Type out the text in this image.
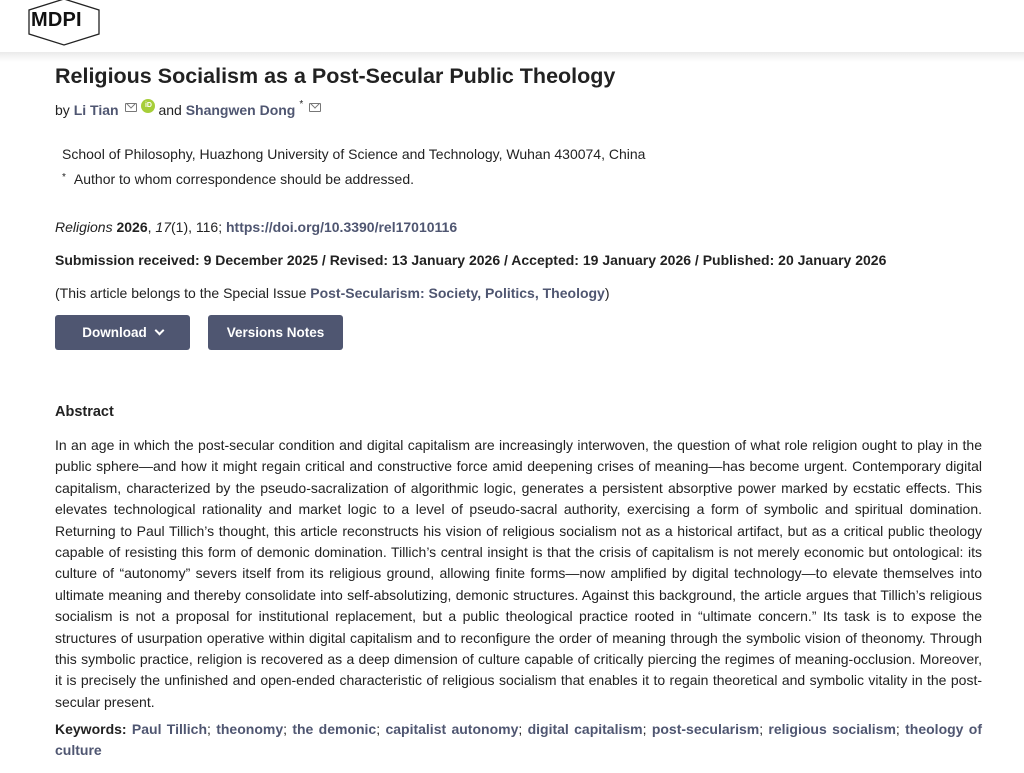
MDPI
Religious Socialism as a Post-Secular Public Theology
by
Li Tian
	iD and
Shangwen Dong *
School of Philosophy, Huazhong University of Science and Technology, Wuhan 430074, China
* Author to whom correspondence should be addressed.
Religions 2026, 17(1), 116; https://doi.org/10.3390/rel17010116
Submission received: 9 December 2025 / Revised: 13 January 2026 / Accepted: 19 January 2026 / Published: 20 January 2026
(This article belongs to the Special Issue Post-Secularism: Society, Politics, Theology)
Download	Versions Notes
Abstract

In an age in which the post-secular condition and digital capitalism are increasingly interwoven, the question of what role religion ought to play in the public sphere—and how it might regain critical and constructive force amid deepening crises of meaning—has become urgent. Contemporary digital capitalism, characterized by the pseudo-sacralization of algorithmic logic, generates a persistent absorptive power marked by ecstatic effects. This elevates technological rationality and market logic to a level of pseudo-sacral authority, exercising a form of symbolic and spiritual domination. Returning to Paul Tillich’s thought, this article reconstructs his vision of religious socialism not as a historical artifact, but as a critical public theology capable of resisting this form of demonic domination. Tillich’s central insight is that the crisis of capitalism is not merely economic but ontological: its culture of “autonomy” severs itself from its religious ground, allowing finite forms—now amplified by digital technology—to elevate themselves into ultimate meaning and thereby consolidate into self-absolutizing, demonic structures. Against this background, the article argues that Tillich’s religious socialism is not a proposal for institutional replacement, but a public theological practice rooted in “ultimate concern.” Its task is to expose the structures of usurpation operative within digital capitalism and to reconfigure the order of meaning through the symbolic vision of theonomy. Through this symbolic practice, religion is recovered as a deep dimension of culture capable of critically piercing the regimes of meaning-occlusion. Moreover, it is precisely the unfinished and open-ended characteristic of religious socialism that enables it to regain theoretical and symbolic vitality in the post-secular present.

Keywords: Paul Tillich; theonomy; the demonic; capitalist autonomy; digital capitalism; post-secularism; religious socialism; theology of culture
